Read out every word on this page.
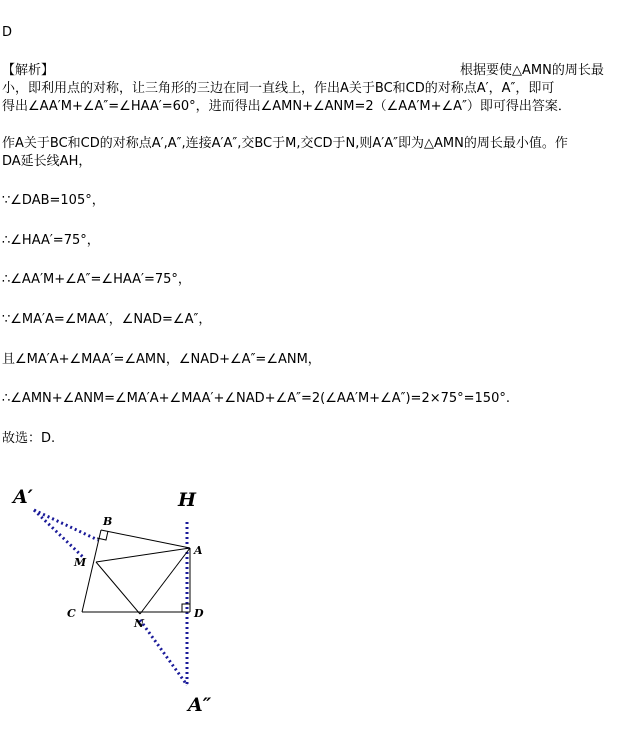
D
【解析】	根据要使△AMN的周长最
小，即利用点的对称，让三角形的三边在同一直线上，作出A关于BC和CD的对称点A′，A″，即可
得出∠AA′M+∠A″=∠HAA′=60°，进而得出∠AMN+∠ANM=2（∠AA′M+∠A″）即可得出答案．
作A关于BC和CD的对称点A′,A″,连接A′A″,交BC于M,交CD于N,则A′A″即为△AMN的周长最小值。作
DA延长线AH，
∵∠DAB=105°，
∴∠HAA′=75°，
∴∠AA′M+∠A″=∠HAA′=75°，
∵∠MA′A=∠MAA′，∠NAD=∠A″，
且∠MA′A+∠MAA′=∠AMN，∠NAD+∠A″=∠ANM，
∴∠AMN+∠ANM=∠MA′A+∠MAA′+∠NAD+∠A″=2(∠AA′M+∠A″)=2×75°=150°.
故选：D.
A′	H
B
A
M
C	D
N
A″
